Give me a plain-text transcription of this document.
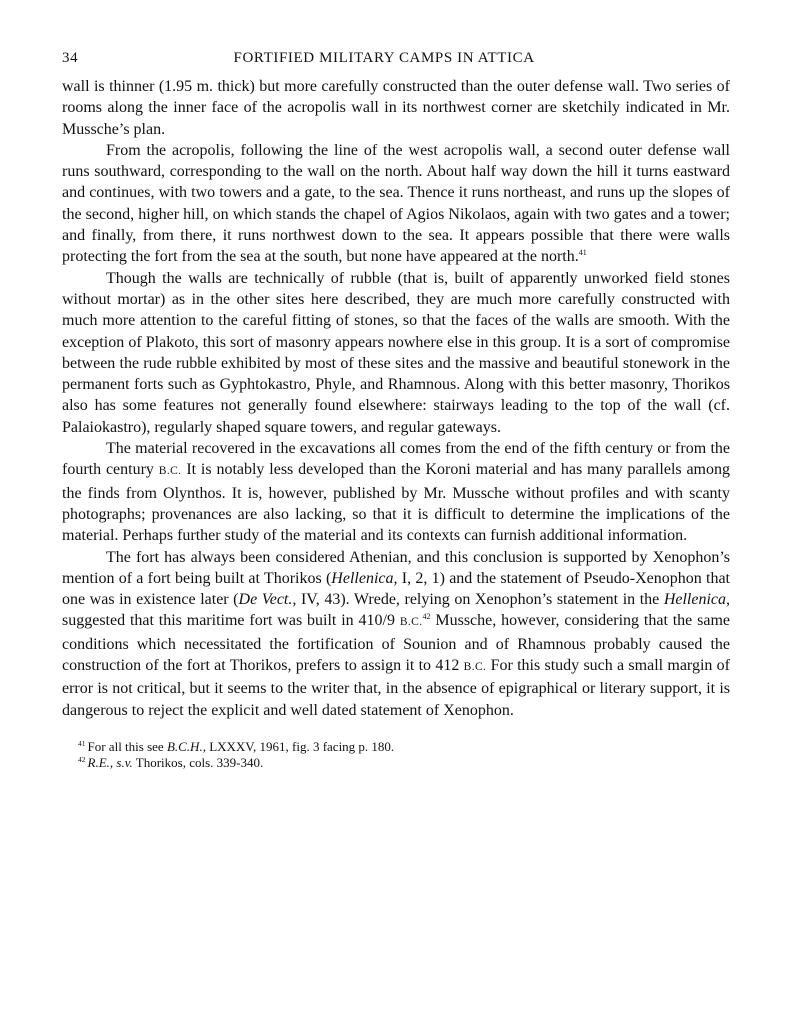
34	FORTIFIED MILITARY CAMPS IN ATTICA

wall is thinner (1.95 m. thick) but more carefully constructed than the outer defense wall. Two series of rooms along the inner face of the acropolis wall in its northwest corner are sketchily indicated in Mr. Mussche’s plan.

From the acropolis, following the line of the west acropolis wall, a second outer defense wall runs southward, corresponding to the wall on the north. About half way down the hill it turns eastward and continues, with two towers and a gate, to the sea. Thence it runs northeast, and runs up the slopes of the second, higher hill, on which stands the chapel of Agios Nikolaos, again with two gates and a tower; and finally, from there, it runs northwest down to the sea. It appears possible that there were walls protecting the fort from the sea at the south, but none have appeared at the north.$^{41}$

Though the walls are technically of rubble (that is, built of apparently unworked field stones without mortar) as in the other sites here described, they are much more carefully constructed with much more attention to the careful fitting of stones, so that the faces of the walls are smooth. With the exception of Plakoto, this sort of masonry appears nowhere else in this group. It is a sort of compromise between the rude rubble exhibited by most of these sites and the massive and beautiful stonework in the permanent forts such as Gyphtokastro, Phyle, and Rhamnous. Along with this better masonry, Thorikos also has some features not generally found elsewhere: stairways leading to the top of the wall (cf. Palaiokastro), regularly shaped square towers, and regular gateways.

The material recovered in the excavations all comes from the end of the fifth century or from the fourth century B.C. It is notably less developed than the Koroni material and has many parallels among the finds from Olynthos. It is, however, published by Mr. Mussche without profiles and with scanty photographs; provenances are also lacking, so that it is difficult to determine the implications of the material. Perhaps further study of the material and its contexts can furnish additional information.

The fort has always been considered Athenian, and this conclusion is supported by Xenophon’s mention of a fort being built at Thorikos (Hellenica, I, 2, 1) and the statement of Pseudo-Xenophon that one was in existence later (De Vect., IV, 43). Wrede, relying on Xenophon’s statement in the Hellenica, suggested that this maritime fort was built in 410/9 B.C.$^{42}$ Mussche, however, considering that the same conditions which necessitated the fortification of Sounion and of Rhamnous probably caused the construction of the fort at Thorikos, prefers to assign it to 412 B.C. For this study such a small margin of error is not critical, but it seems to the writer that, in the absence of epigraphical or literary support, it is dangerous to reject the explicit and well dated statement of Xenophon.

$^{41}$ For all this see B.C.H., LXXXV, 1961, fig. 3 facing p. 180.
$^{42}$ R.E., s.v. Thorikos, cols. 339-340.
